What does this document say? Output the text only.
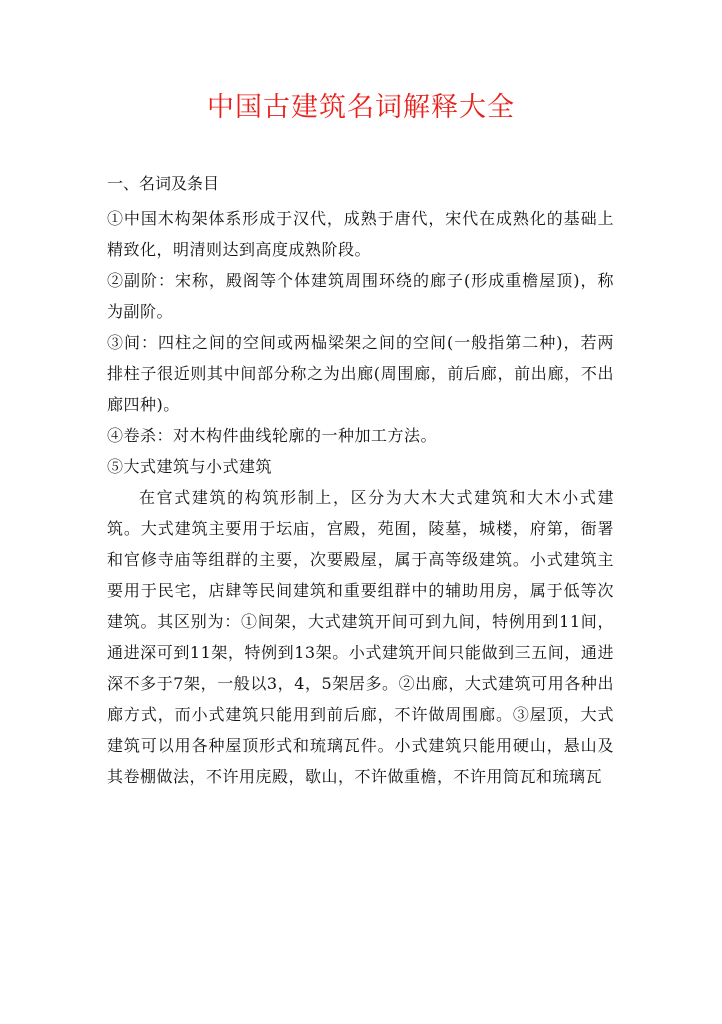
中国古建筑名词解释大全
一、名词及条目

①中国木构架体系形成于汉代，成熟于唐代，宋代在成熟化的基础上精致化，明清则达到高度成熟阶段。

②副阶：宋称，殿阁等个体建筑周围环绕的廊子(形成重檐屋顶)，称为副阶。

③间：四柱之间的空间或两榀梁架之间的空间(一般指第二种)，若两排柱子很近则其中间部分称之为出廊(周围廊，前后廊，前出廊，不出廊四种)。

④卷杀：对木构件曲线轮廓的一种加工方法。

⑤大式建筑与小式建筑

在官式建筑的构筑形制上，区分为大木大式建筑和大木小式建筑。大式建筑主要用于坛庙，宫殿，苑囿，陵墓，城楼，府第，衙署和官修寺庙等组群的主要，次要殿屋，属于高等级建筑。小式建筑主要用于民宅，店肆等民间建筑和重要组群中的辅助用房，属于低等次建筑。其区别为：①间架，大式建筑开间可到九间，特例用到11间，通进深可到11架，特例到13架。小式建筑开间只能做到三五间，通进深不多于7架，一般以3，4，5架居多。②出廊，大式建筑可用各种出廊方式，而小式建筑只能用到前后廊，不许做周围廊。③屋顶，大式建筑可以用各种屋顶形式和琉璃瓦件。小式建筑只能用硬山，悬山及其卷棚做法，不许用庑殿，歇山，不许做重檐，不许用筒瓦和琉璃瓦
